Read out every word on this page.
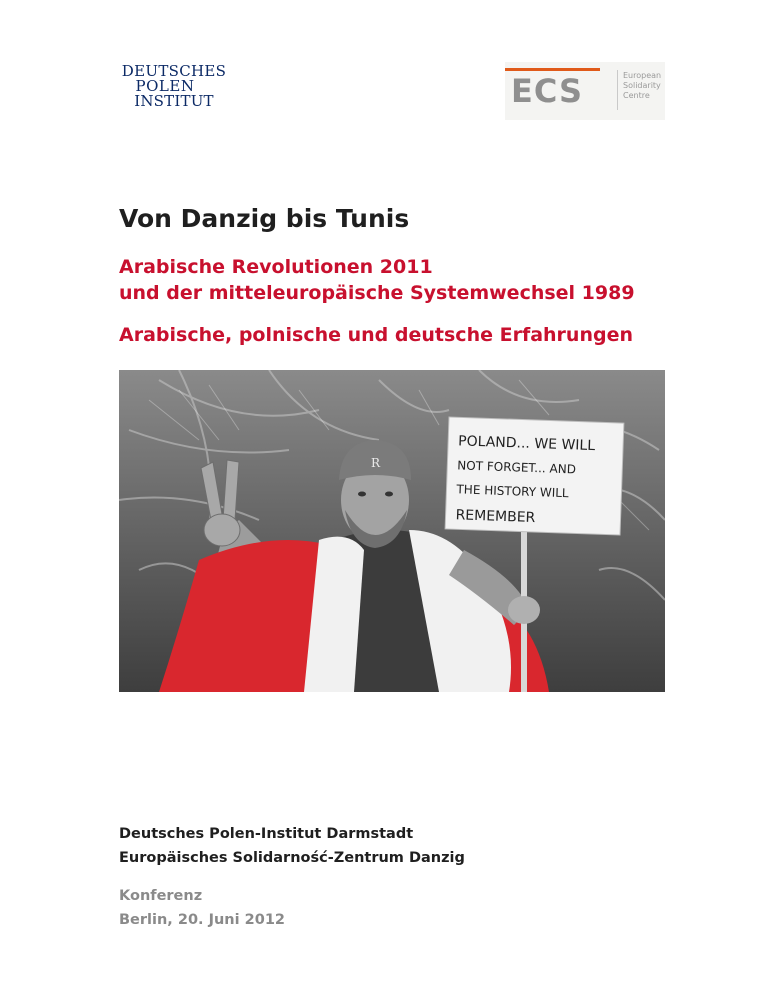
DEUTSCHES
POLEN
INSTITUT	ECS	European
Solidarity
Centre
Von Danzig bis Tunis

Arabische Revolutionen 2011

und der mitteleuropäische Systemwechsel 1989

Arabische, polnische und deutsche Erfahrungen

R
POLAND... WE WILL
NOT FORGET... AND
THE HISTORY WILL
REMEMBER

Deutsches Polen-Institut Darmstadt

Europäisches Solidarność-Zentrum Danzig

Konferenz

Berlin, 20. Juni 2012
